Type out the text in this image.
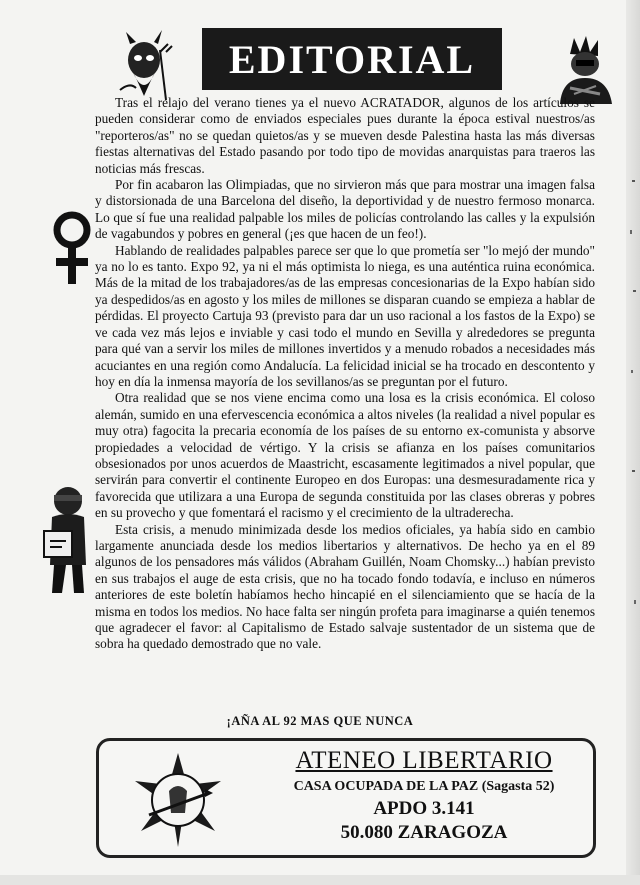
EDITORIAL

Tras el relajo del verano tienes ya el nuevo ACRATADOR, algunos de los artículos se pueden considerar como de enviados especiales pues durante la época estival nuestros/as "reporteros/as" no se quedan quietos/as y se mueven desde Palestina hasta las más diversas fiestas alternativas del Estado pasando por todo tipo de movidas anarquistas para traeros las noticias más frescas.

Por fin acabaron las Olimpiadas, que no sirvieron más que para mostrar una imagen falsa y distorsionada de una Barcelona del diseño, la deportividad y de nuestro fermoso monarca. Lo que sí fue una realidad palpable los miles de policías controlando las calles y la expulsión de vagabundos y pobres en general (¡es que hacen de un feo!).

Hablando de realidades palpables parece ser que lo que prometía ser "lo mejó der mundo" ya no lo es tanto. Expo 92, ya ni el más optimista lo niega, es una auténtica ruina económica. Más de la mitad de los trabajadores/as de las empresas concesionarias de la Expo habían sido ya despedidos/as en agosto y los miles de millones se disparan cuando se empieza a hablar de pérdidas. El proyecto Cartuja 93 (previsto para dar un uso racional a los fastos de la Expo) se ve cada vez más lejos e inviable y casi todo el mundo en Sevilla y alrededores se pregunta para qué van a servir los miles de millones invertidos y a menudo robados a necesidades más acuciantes en una región como Andalucía. La felicidad inicial se ha trocado en descontento y hoy en día la inmensa mayoría de los sevillanos/as se preguntan por el futuro.

Otra realidad que se nos viene encima como una losa es la crisis económica. El coloso alemán, sumido en una efervescencia económica a altos niveles (la realidad a nivel popular es muy otra) fagocita la precaria economía de los países de su entorno ex-comunista y absorve propiedades a velocidad de vértigo. Y la crisis se afianza en los países comunitarios obsesionados por unos acuerdos de Maastricht, escasamente legitimados a nivel popular, que servirán para convertir el continente Europeo en dos Europas: una desmesuradamente rica y favorecida que utilizara a una Europa de segunda constituida por las clases obreras y pobres en su provecho y que fomentará el racismo y el crecimiento de la ultraderecha.

Esta crisis, a menudo minimizada desde los medios oficiales, ya había sido en cambio largamente anunciada desde los medios libertarios y alternativos. De hecho ya en el 89 algunos de los pensadores más válidos (Abraham Guillén, Noam Chomsky...) habían previsto en sus trabajos el auge de esta crisis, que no ha tocado fondo todavía, e incluso en números anteriores de este boletín habíamos hecho hincapié en el silenciamiento que se hacía de la misma en todos los medios. No hace falta ser ningún profeta para imaginarse a quién tenemos que agradecer el favor: al Capitalismo de Estado salvaje sustentador de un sistema que de sobra ha quedado demostrado que no vale.

¡AÑA AL 92 MAS QUE NUNCA
ATENEO LIBERTARIO
CASA OCUPADA DE LA PAZ (Sagasta 52)
APDO 3.141
50.080 ZARAGOZA
